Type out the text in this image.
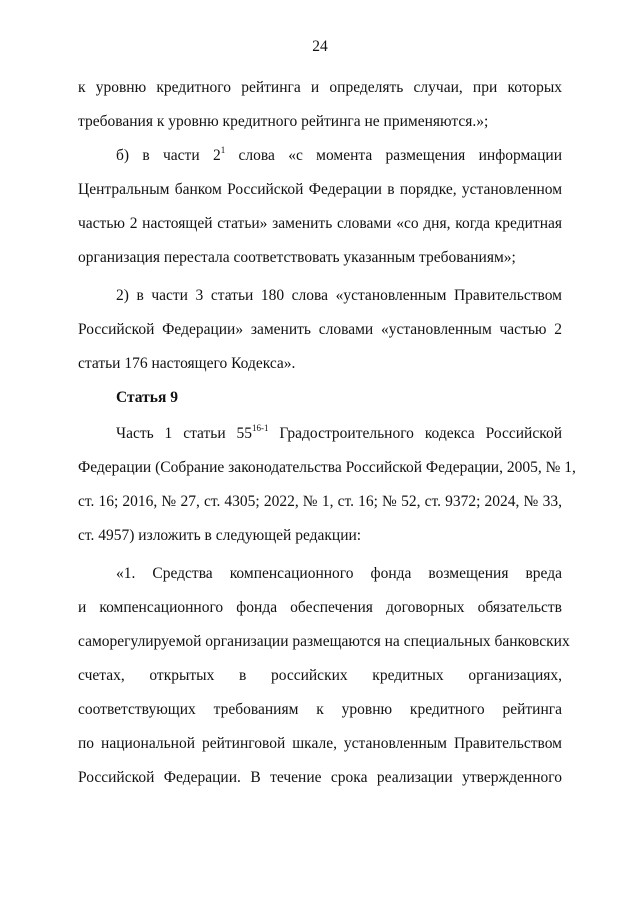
24
к уровню кредитного рейтинга и определять случаи, при которых
требования к уровню кредитного рейтинга не применяются.»;
б) в части $2^1$ слова «с момента размещения информации
Центральным банком Российской Федерации в порядке, установленном
частью 2 настоящей статьи» заменить словами «со дня, когда кредитная
организация перестала соответствовать указанным требованиям»;
2) в части 3 статьи 180 слова «установленным Правительством
Российской Федерации» заменить словами «установленным частью 2
статьи 176 настоящего Кодекса».
Статья 9
Часть 1 статьи 55$^{16-1}$ Градостроительного кодекса Российской
Федерации (Собрание законодательства Российской Федерации, 2005, № 1,
ст. 16; 2016, № 27, ст. 4305; 2022, № 1, ст. 16; № 52, ст. 9372; 2024, № 33,
ст. 4957) изложить в следующей редакции:
«1. Средства компенсационного фонда возмещения вреда
и компенсационного фонда обеспечения договорных обязательств
саморегулируемой организации размещаются на специальных банковских
счетах, открытых в российских кредитных организациях,
соответствующих требованиям к уровню кредитного рейтинга
по национальной рейтинговой шкале, установленным Правительством
Российской Федерации. В течение срока реализации утвержденного
